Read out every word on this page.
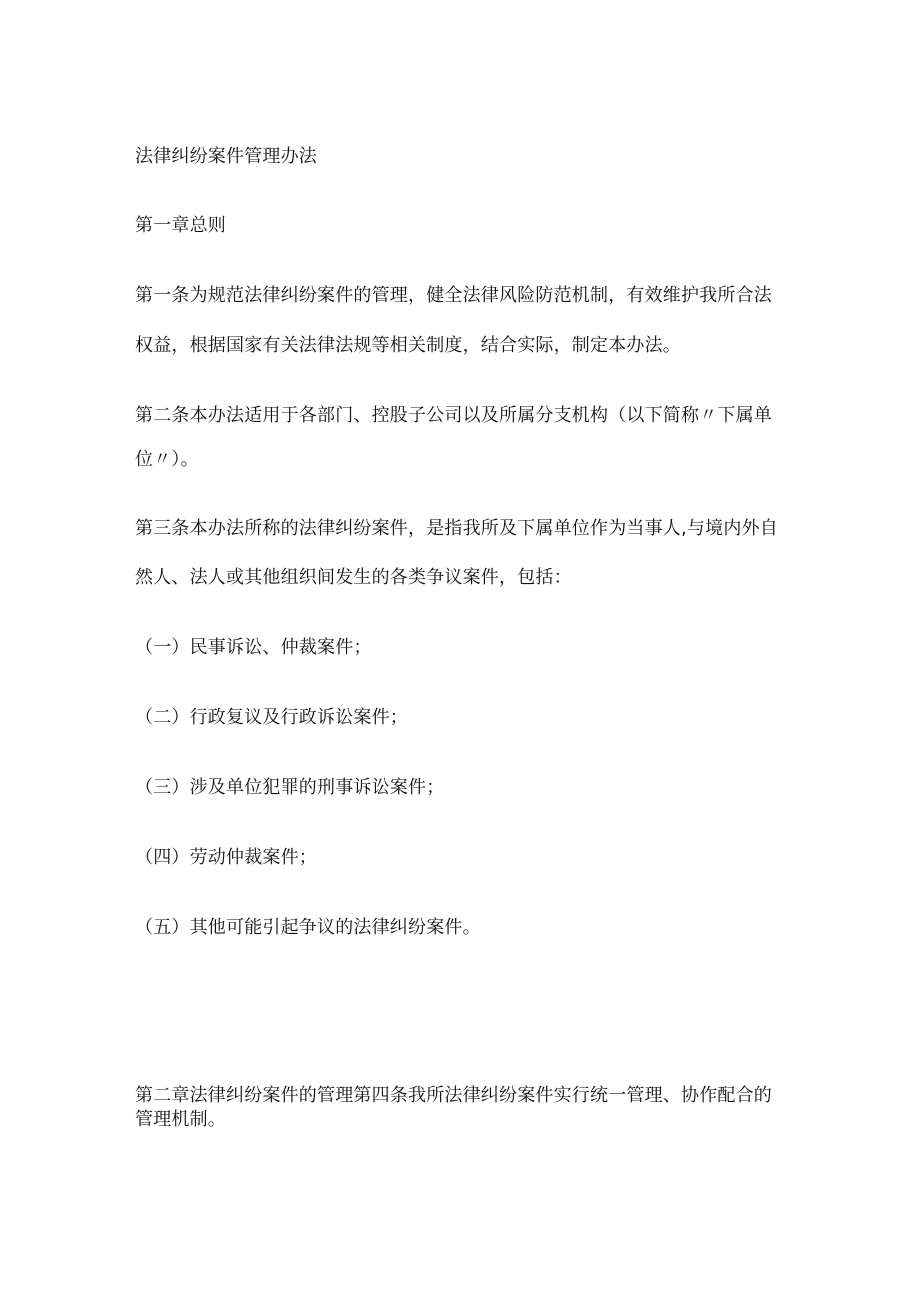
法律纠纷案件管理办法
第一章总则
第一条为规范法律纠纷案件的管理，健全法律风险防范机制，有效维护我所合法
权益，根据国家有关法律法规等相关制度，结合实际，制定本办法。
第二条本办法适用于各部门、控股子公司以及所属分支机构（以下简称〃下属单
位〃）。
第三条本办法所称的法律纠纷案件，是指我所及下属单位作为当事人,与境内外自
然人、法人或其他组织间发生的各类争议案件，包括：
（一）民事诉讼、仲裁案件；
（二）行政复议及行政诉讼案件；
（三）涉及单位犯罪的刑事诉讼案件；
（四）劳动仲裁案件；
（五）其他可能引起争议的法律纠纷案件。
第二章法律纠纷案件的管理第四条我所法律纠纷案件实行统一管理、协作配合的
管理机制。
